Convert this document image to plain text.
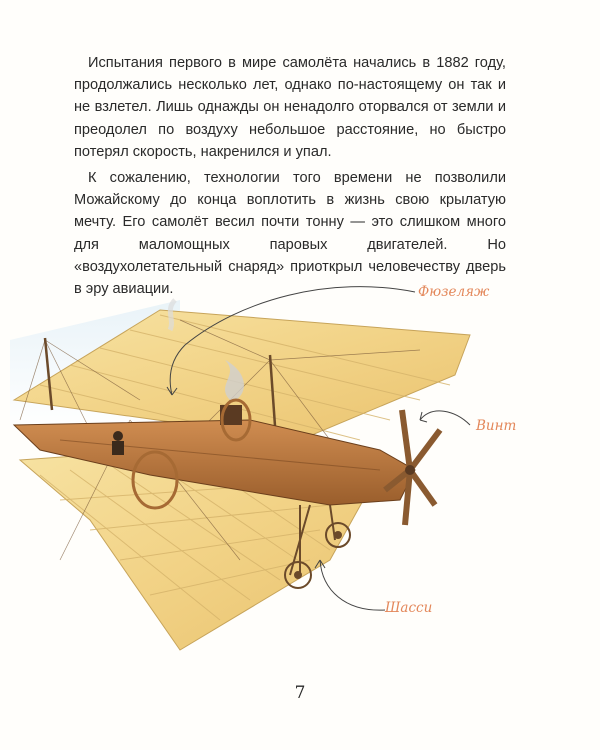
Испытания первого в мире самолёта начались в 1882 году, продолжались несколько лет, однако по-настоящему он так и не взлетел. Лишь однажды он ненадолго оторвался от земли и преодолел по воздуху небольшое расстояние, но быстро потерял скорость, накренился и упал.

К сожалению, технологии того времени не позволили Можайскому до конца воплотить в жизнь свою крылатую мечту. Его самолёт весил почти тонну — это слишком много для маломощных паровых двигателей. Но «воздухолетательный снаряд» приоткрыл человечеству дверь в эру авиации.	Фюзеляж
Винт
Шасси
7
